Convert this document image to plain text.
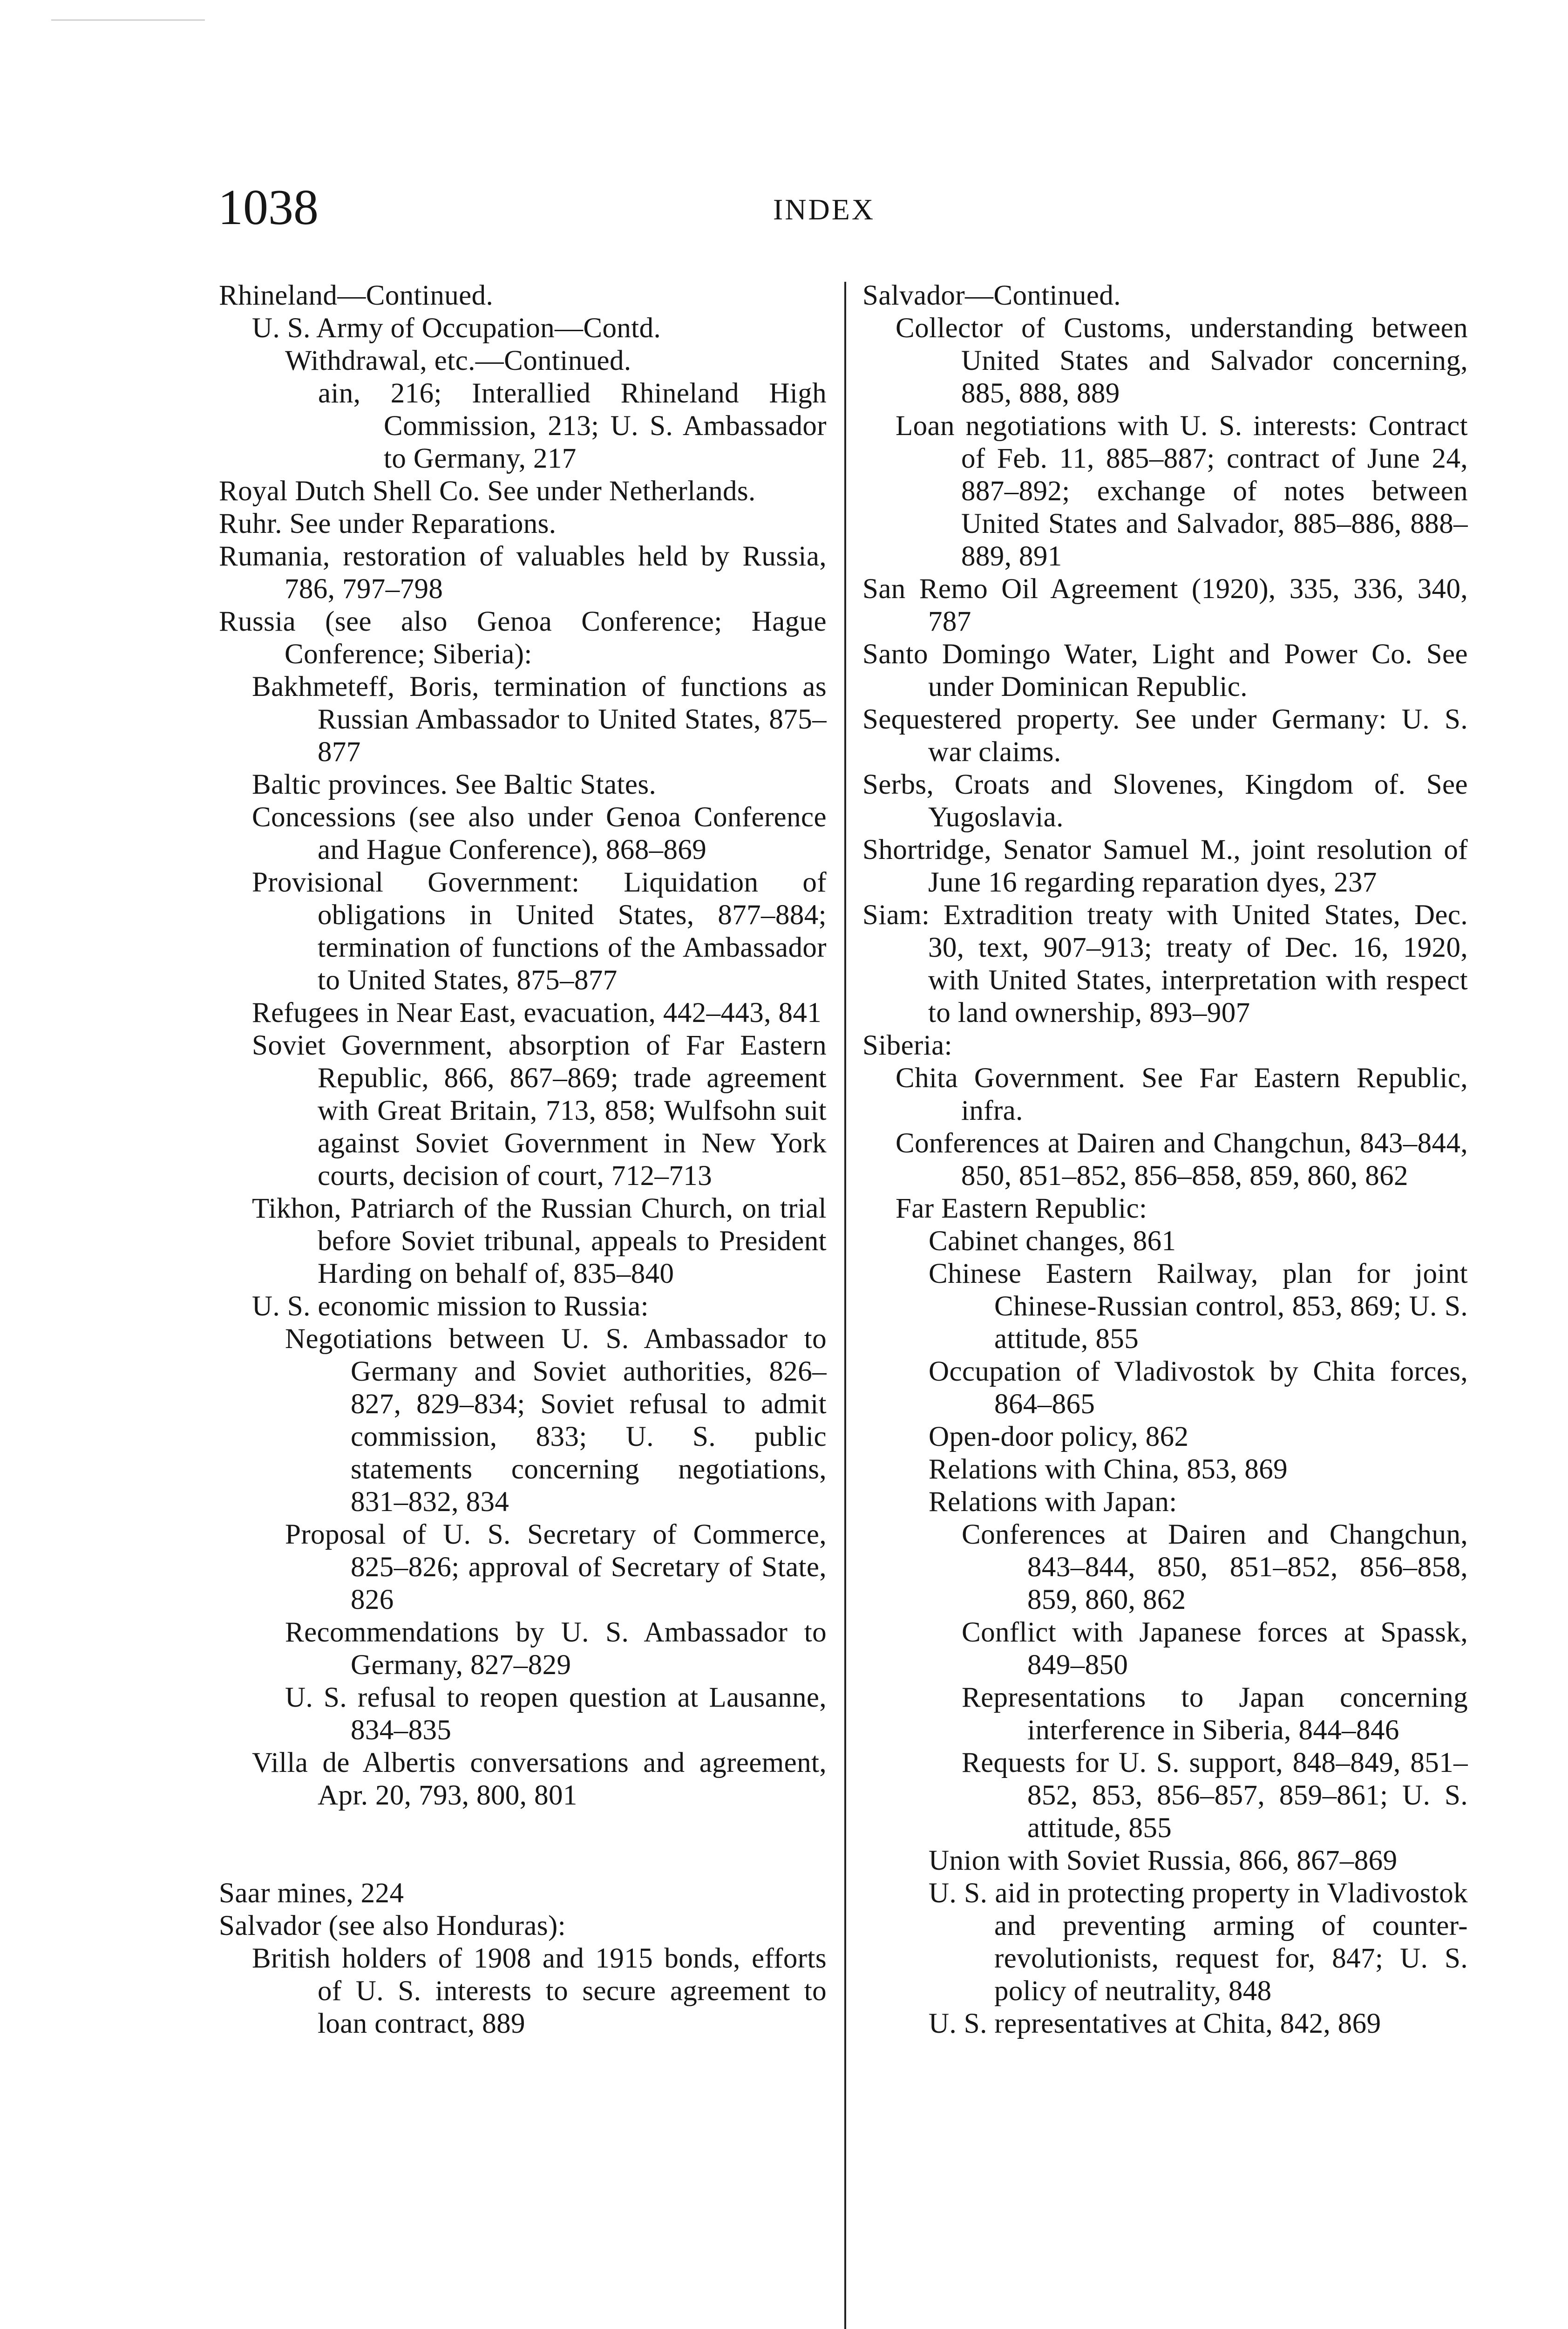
1038	INDEX
Rhineland—Continued.
U. S. Army of Occupation—Contd.
Withdrawal, etc.—Continued.
ain, 216; Interallied Rhineland High Commission, 213; U. S. Ambassador to Germany, 217
Royal Dutch Shell Co. See under Netherlands.
Ruhr. See under Reparations.
Rumania, restoration of valuables held by Russia, 786, 797–798
Russia (see also Genoa Conference; Hague Conference; Siberia):
Bakhmeteff, Boris, termination of functions as Russian Ambassador to United States, 875–877
Baltic provinces. See Baltic States.
Concessions (see also under Genoa Conference and Hague Conference), 868–869
Provisional Government: Liquidation of obligations in United States, 877–884; termination of functions of the Ambassador to United States, 875–877
Refugees in Near East, evacuation, 442–443, 841
Soviet Government, absorption of Far Eastern Republic, 866, 867–869; trade agreement with Great Britain, 713, 858; Wulfsohn suit against Soviet Government in New York courts, decision of court, 712–713
Tikhon, Patriarch of the Russian Church, on trial before Soviet tribunal, appeals to President Harding on behalf of, 835–840
U. S. economic mission to Russia:
Negotiations between U. S. Ambassador to Germany and Soviet authorities, 826–827, 829–834; Soviet refusal to admit commission, 833; U. S. public statements concerning negotiations, 831–832, 834
Proposal of U. S. Secretary of Commerce, 825–826; approval of Secretary of State, 826
Recommendations by U. S. Ambassador to Germany, 827–829
U. S. refusal to reopen question at Lausanne, 834–835
Villa de Albertis conversations and agreement, Apr. 20, 793, 800, 801
Saar mines, 224
Salvador (see also Honduras):
British holders of 1908 and 1915 bonds, efforts of U. S. interests to secure agreement to loan contract, 889
Salvador—Continued.
Collector of Customs, understanding between United States and Salvador concerning, 885, 888, 889
Loan negotiations with U. S. interests: Contract of Feb. 11, 885–887; contract of June 24, 887–892; exchange of notes between United States and Salvador, 885–886, 888–889, 891
San Remo Oil Agreement (1920), 335, 336, 340, 787
Santo Domingo Water, Light and Power Co. See under Dominican Republic.
Sequestered property. See under Germany: U. S. war claims.
Serbs, Croats and Slovenes, Kingdom of. See Yugoslavia.
Shortridge, Senator Samuel M., joint resolution of June 16 regarding reparation dyes, 237
Siam: Extradition treaty with United States, Dec. 30, text, 907–913; treaty of Dec. 16, 1920, with United States, interpretation with respect to land ownership, 893–907
Siberia:
Chita Government. See Far Eastern Republic, infra.
Conferences at Dairen and Changchun, 843–844, 850, 851–852, 856–858, 859, 860, 862
Far Eastern Republic:
Cabinet changes, 861
Chinese Eastern Railway, plan for joint Chinese-Russian control, 853, 869; U. S. attitude, 855
Occupation of Vladivostok by Chita forces, 864–865
Open-door policy, 862
Relations with China, 853, 869
Relations with Japan:
Conferences at Dairen and Changchun, 843–844, 850, 851–852, 856–858, 859, 860, 862
Conflict with Japanese forces at Spassk, 849–850
Representations to Japan concerning interference in Siberia, 844–846
Requests for U. S. support, 848–849, 851–852, 853, 856–857, 859–861; U. S. attitude, 855
Union with Soviet Russia, 866, 867–869
U. S. aid in protecting property in Vladivostok and preventing arming of counter-revolutionists, request for, 847; U. S. policy of neutrality, 848
U. S. representatives at Chita, 842, 869
